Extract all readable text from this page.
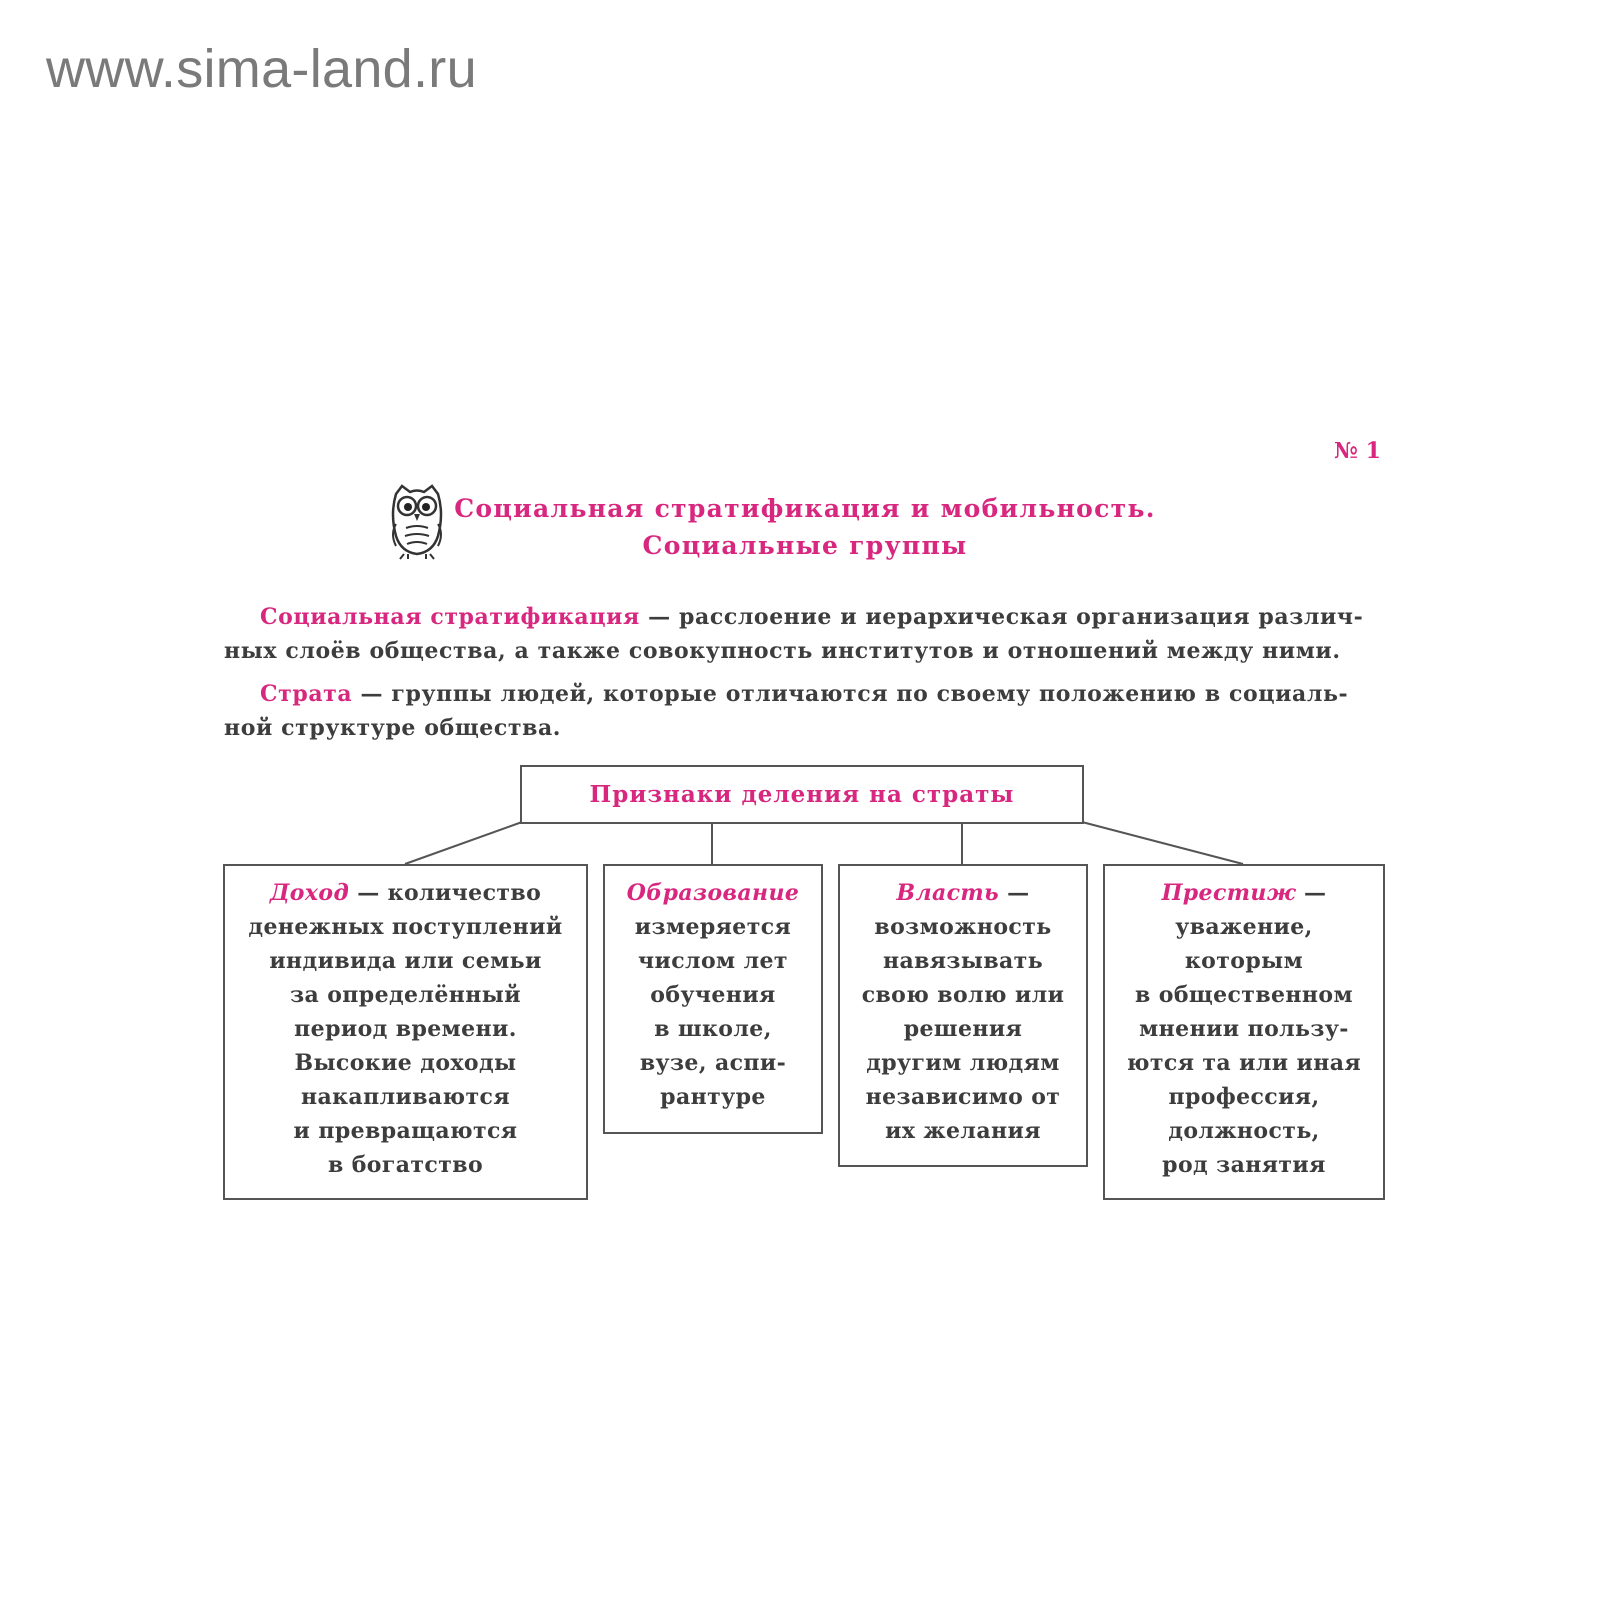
www.sima-land.ru
№ 1
Социальная стратификация и мобильность.
Социальные группы
Социальная стратификация — расслоение и иерархическая организация различ-
ных слоёв общества, а также совокупность институтов и отношений между ними.
Страта — группы людей, которые отличаются по своему положению в социаль-
ной структуре общества.
Признаки деления на страты
Доход — количество
денежных поступлений
индивида или семьи
за определённый
период времени.
Высокие доходы
накапливаются
и превращаются
в богатство
Образование
измеряется
числом лет
обучения
в школе,
вузе, аспи-
рантуре
Власть —
возможность
навязывать
свою волю или
решения
другим людям
независимо от
их желания
Престиж —
уважение,
которым
в общественном
мнении пользу-
ются та или иная
профессия,
должность,
род занятия
